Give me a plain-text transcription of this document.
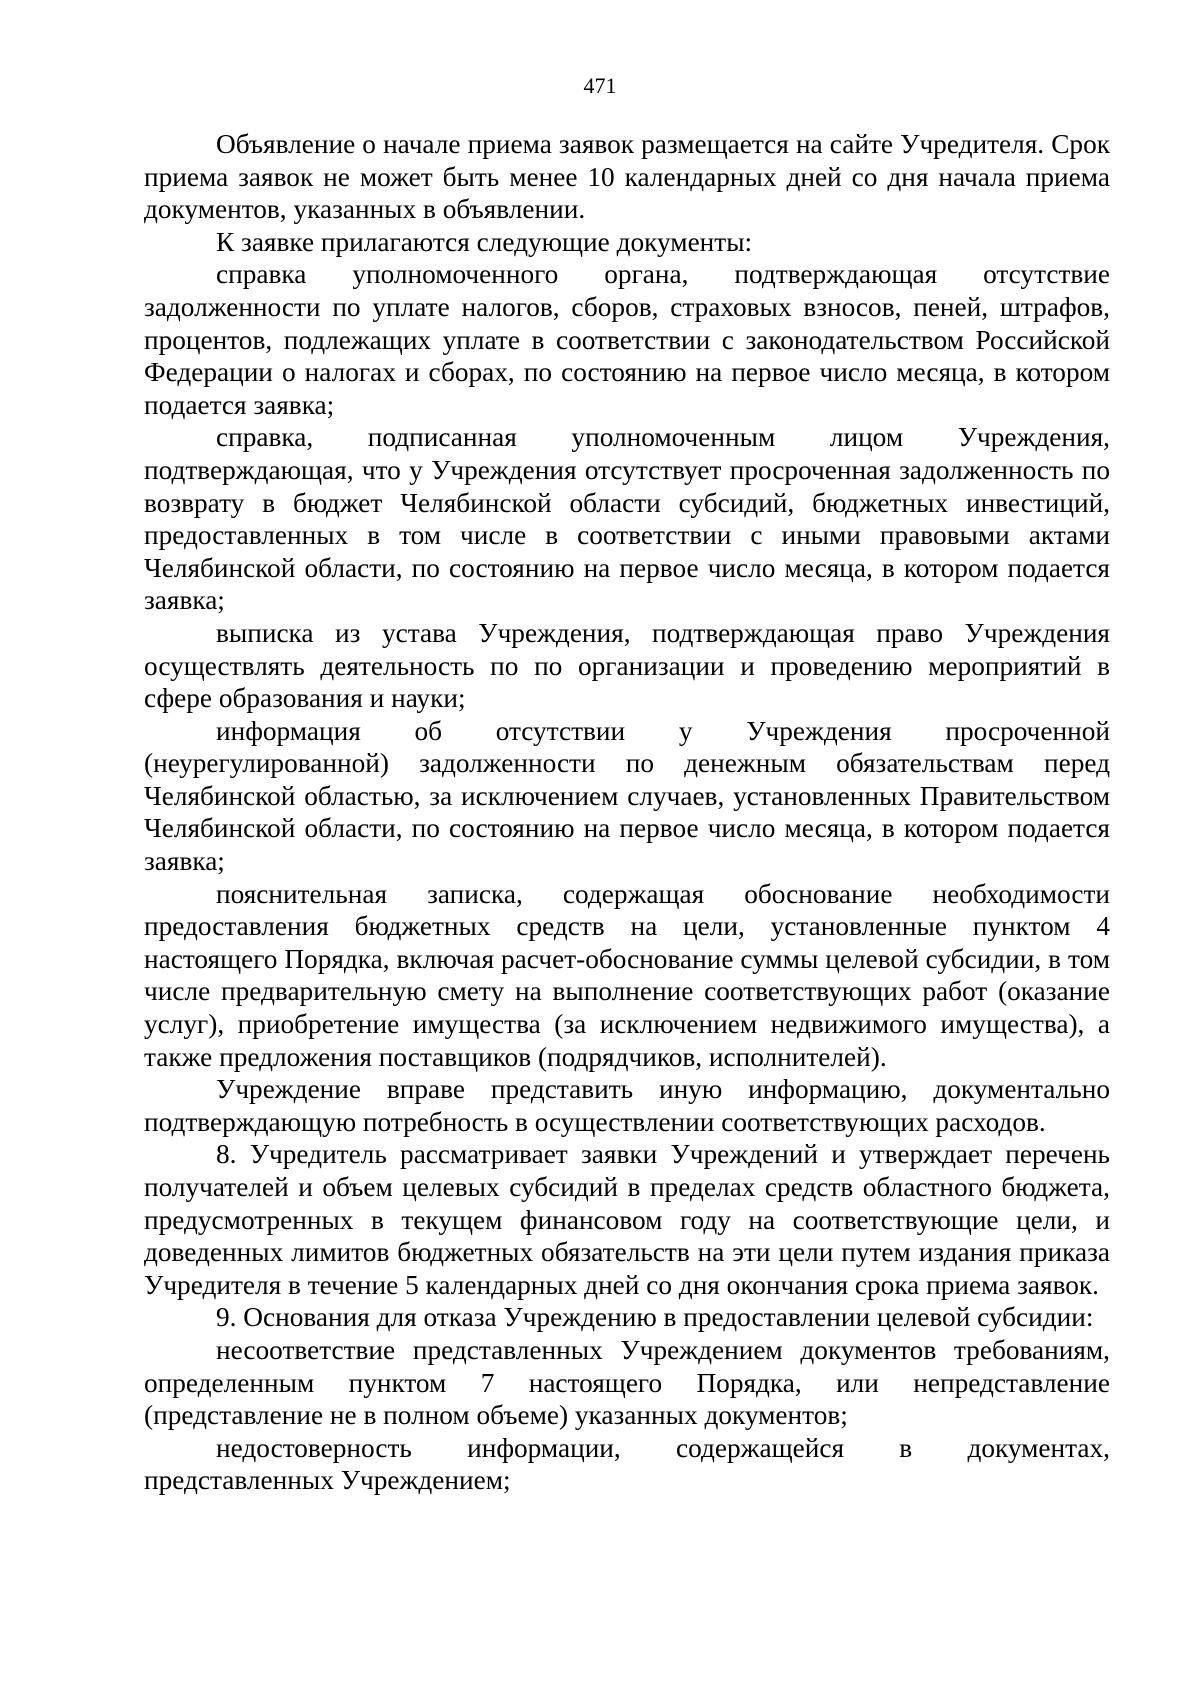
471

Объявление о начале приема заявок размещается на сайте Учредителя. Срок приема заявок не может быть менее 10 календарных дней со дня начала приема документов, указанных в объявлении.

К заявке прилагаются следующие документы:

справка уполномоченного органа, подтверждающая отсутствие задолженности по уплате налогов, сборов, страховых взносов, пеней, штрафов, процентов, подлежащих уплате в соответствии с законодательством Российской Федерации о налогах и сборах, по состоянию на первое число месяца, в котором подается заявка;

справка, подписанная уполномоченным лицом Учреждения, подтверждающая, что у Учреждения отсутствует просроченная задолженность по возврату в бюджет Челябинской области субсидий, бюджетных инвестиций, предоставленных в том числе в соответствии с иными правовыми актами Челябинской области, по состоянию на первое число месяца, в котором подается заявка;

выписка из устава Учреждения, подтверждающая право Учреждения осуществлять деятельность по по организации и проведению мероприятий в сфере образования и науки;

информация об отсутствии у Учреждения просроченной (неурегулированной) задолженности по денежным обязательствам перед Челябинской областью, за исключением случаев, установленных Правительством Челябинской области, по состоянию на первое число месяца, в котором подается заявка;

пояснительная записка, содержащая обоснование необходимости предоставления бюджетных средств на цели, установленные пунктом 4 настоящего Порядка, включая расчет-обоснование суммы целевой субсидии, в том числе предварительную смету на выполнение соответствующих работ (оказание услуг), приобретение имущества (за исключением недвижимого имущества), а также предложения поставщиков (подрядчиков, исполнителей).

Учреждение вправе представить иную информацию, документально подтверждающую потребность в осуществлении соответствующих расходов.

8. Учредитель рассматривает заявки Учреждений и утверждает перечень получателей и объем целевых субсидий в пределах средств областного бюджета, предусмотренных в текущем финансовом году на соответствующие цели, и доведенных лимитов бюджетных обязательств на эти цели путем издания приказа Учредителя в течение 5 календарных дней со дня окончания срока приема заявок.

9. Основания для отказа Учреждению в предоставлении целевой субсидии:

несоответствие представленных Учреждением документов требованиям, определенным пунктом 7 настоящего Порядка, или непредставление (представление не в полном объеме) указанных документов;

недостоверность информации, содержащейся в документах, представленных Учреждением;
